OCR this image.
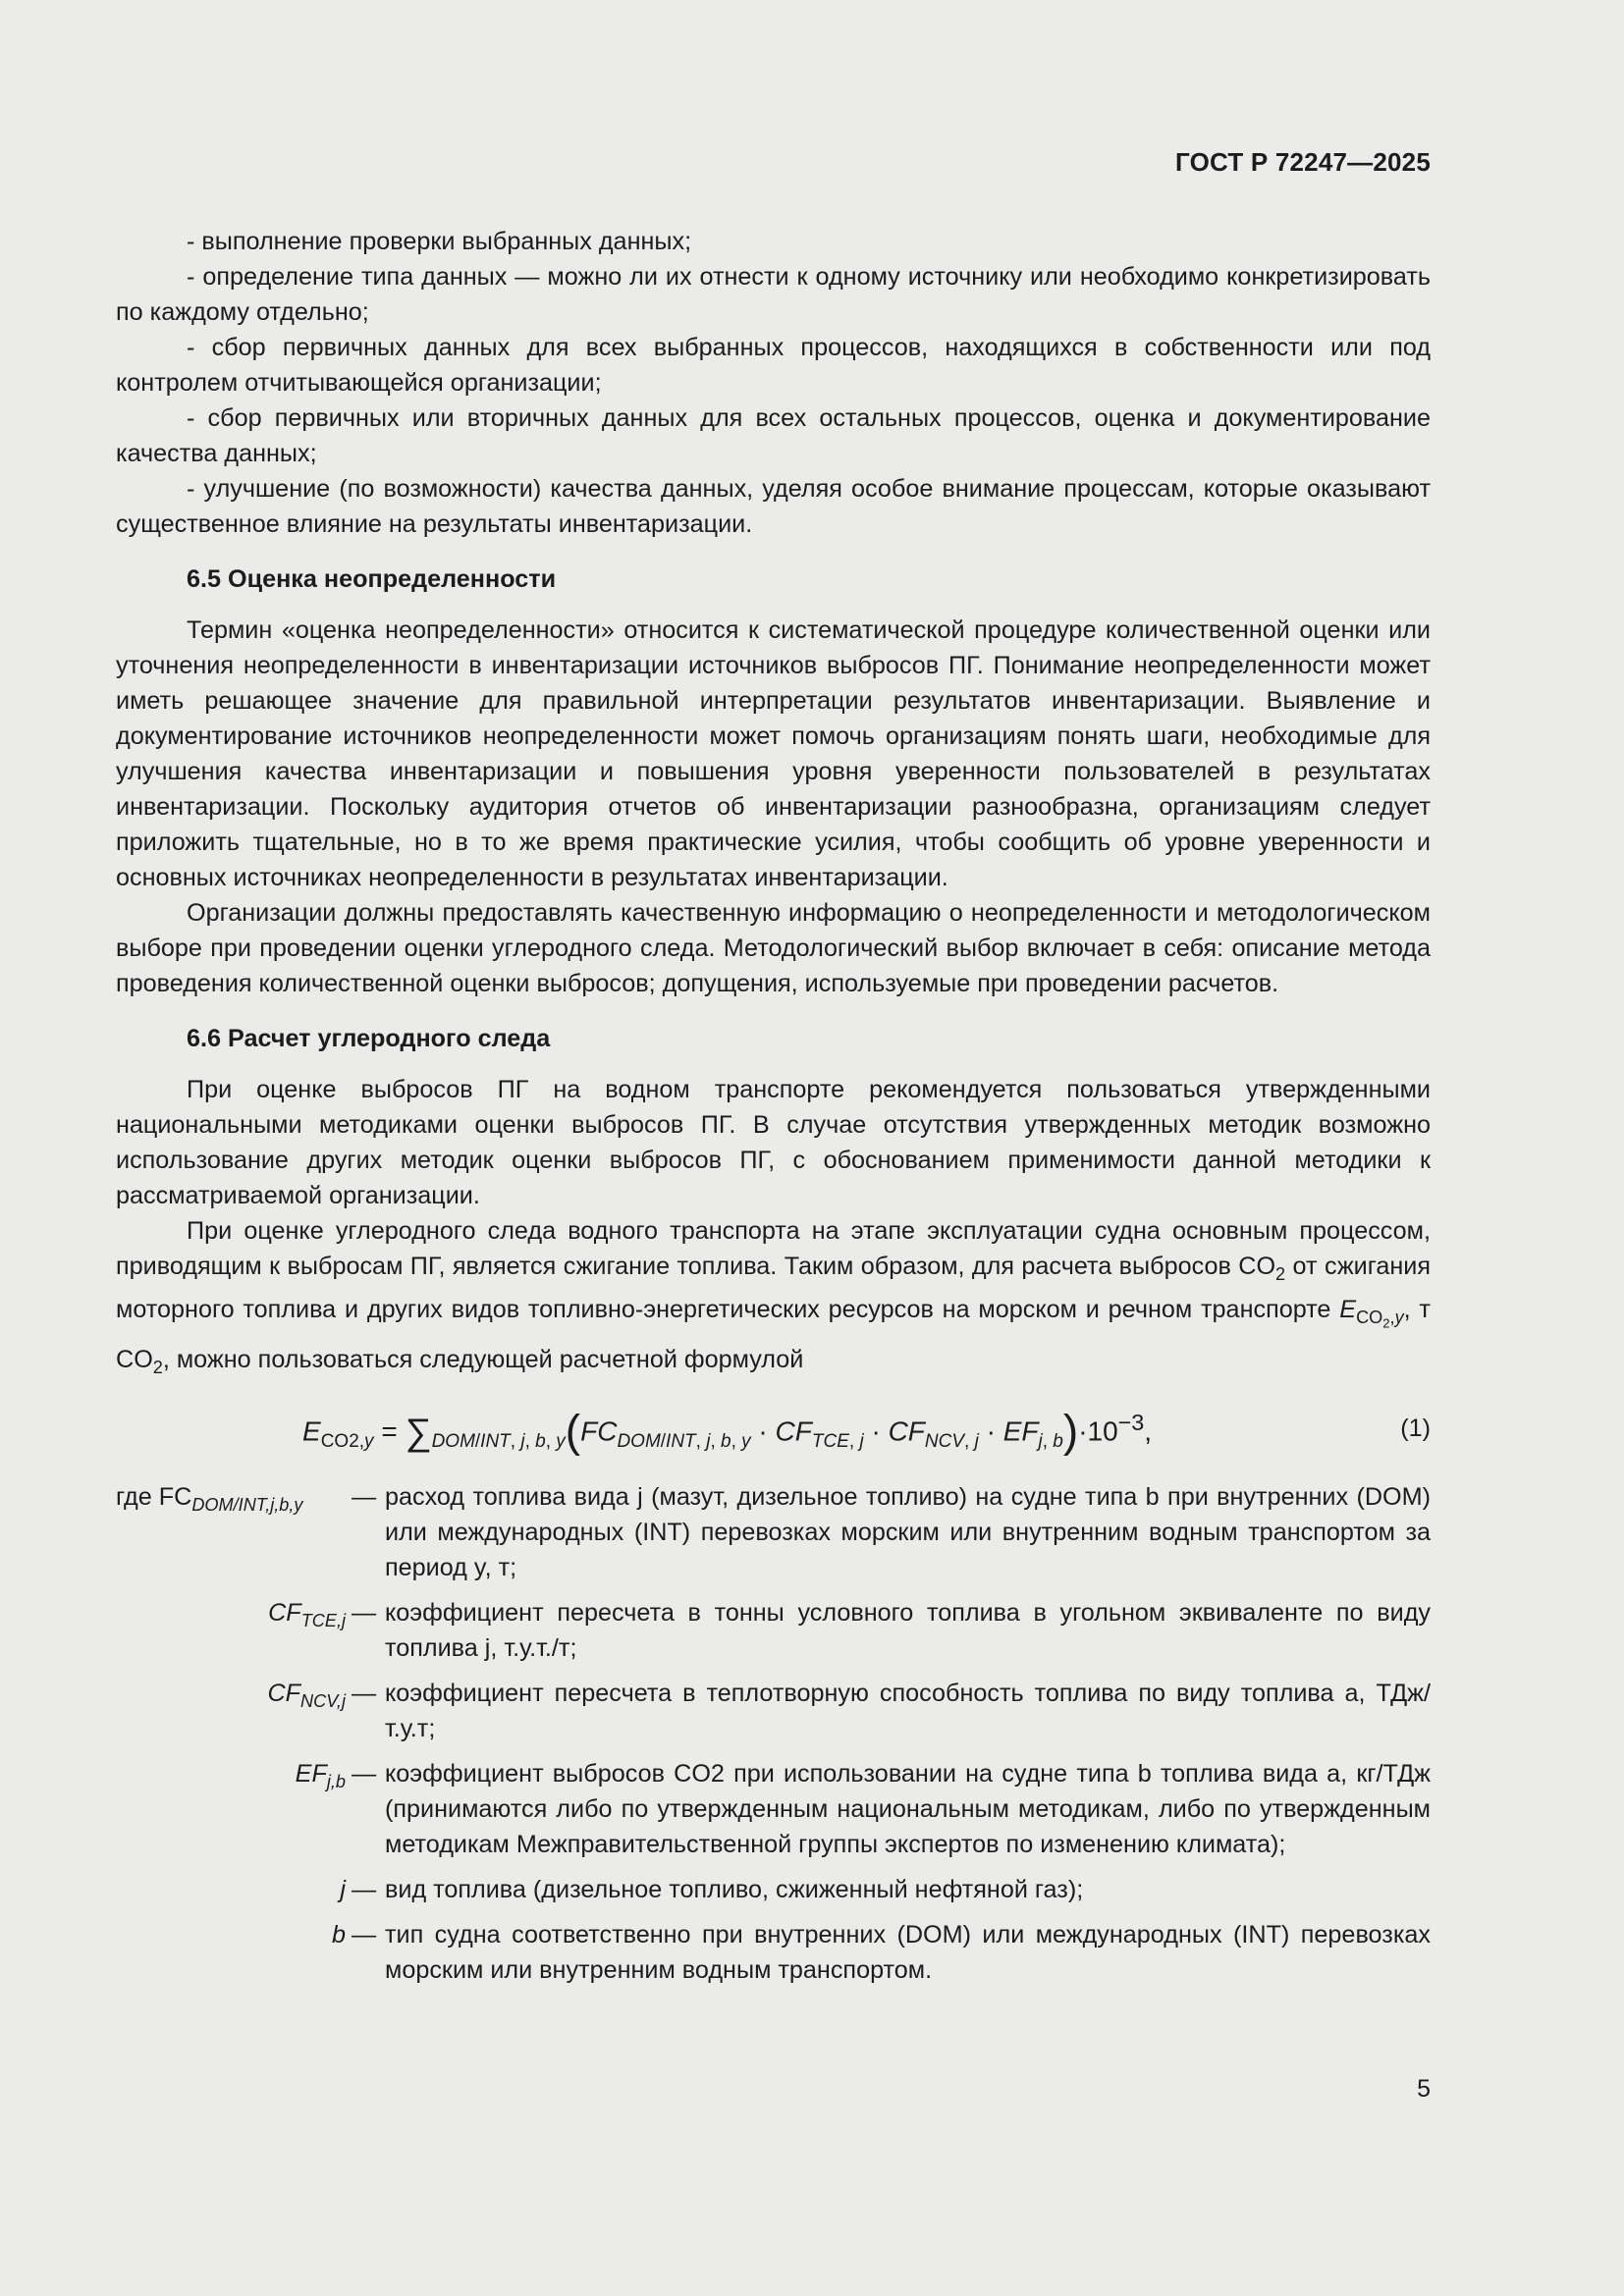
ГОСТ Р 72247—2025

- выполнение проверки выбранных данных;

- определение типа данных — можно ли их отнести к одному источнику или необходимо конкретизировать по каждому отдельно;

- сбор первичных данных для всех выбранных процессов, находящихся в собственности или под контролем отчитывающейся организации;

- сбор первичных или вторичных данных для всех остальных процессов, оценка и документирование качества данных;

- улучшение (по возможности) качества данных, уделяя особое внимание процессам, которые оказывают существенное влияние на результаты инвентаризации.

6.5 Оценка неопределенности

Термин «оценка неопределенности» относится к систематической процедуре количественной оценки или уточнения неопределенности в инвентаризации источников выбросов ПГ. Понимание неопределенности может иметь решающее значение для правильной интерпретации результатов инвентаризации. Выявление и документирование источников неопределенности может помочь организациям понять шаги, необходимые для улучшения качества инвентаризации и повышения уровня уверенности пользователей в результатах инвентаризации. Поскольку аудитория отчетов об инвентаризации разнообразна, организациям следует приложить тщательные, но в то же время практические усилия, чтобы сообщить об уровне уверенности и основных источниках неопределенности в результатах инвентаризации.

Организации должны предоставлять качественную информацию о неопределенности и методологическом выборе при проведении оценки углеродного следа. Методологический выбор включает в себя: описание метода проведения количественной оценки выбросов; допущения, используемые при проведении расчетов.

6.6 Расчет углеродного следа

При оценке выбросов ПГ на водном транспорте рекомендуется пользоваться утвержденными национальными методиками оценки выбросов ПГ. В случае отсутствия утвержденных методик возможно использование других методик оценки выбросов ПГ, с обоснованием применимости данной методики к рассматриваемой организации.

При оценке углеродного следа водного транспорта на этапе эксплуатации судна основным процессом, приводящим к выбросам ПГ, является сжигание топлива. Таким образом, для расчета выбросов $CO_2$ от сжигания моторного топлива и других видов топливно-энергетических ресурсов на морском и речном транспорте $E_{CO_2,y}$, т $CO_2$, можно пользоваться следующей расчетной формулой

$E_{CO2,y} = \sum_{DOM/INT, j, b, y}(FC_{DOM/INT, j, b, y} \cdot CF_{TCE, j} \cdot CF_{NCV, j} \cdot EF_{j, b})\cdot 10^{-3}$,	(1)
где $FC_{DOM/INT,j,b,y}$	— расход топлива вида j (мазут, дизельное топливо) на судне типа b при внутренних (DOM) или международных (INT) перевозках морским или внутренним водным транспортом за период y, т;
$CF_{TCE,j}$ — коэффициент пересчета в тонны условного топлива в угольном эквиваленте по виду топлива j, т.у.т./т;
$CF_{NCV,j}$ — коэффициент пересчета в теплотворную способность топлива по виду топлива a, ТДж/т.у.т;
$EF_{j,b}$ — коэффициент выбросов CO2 при использовании на судне типа b топлива вида a, кг/ТДж (принимаются либо по утвержденным национальным методикам, либо по утвержденным методикам Межправительственной группы экспертов по изменению климата);
j — вид топлива (дизельное топливо, сжиженный нефтяной газ);
b — тип судна соответственно при внутренних (DOM) или международных (INT) перевозках морским или внутренним водным транспортом.
5
